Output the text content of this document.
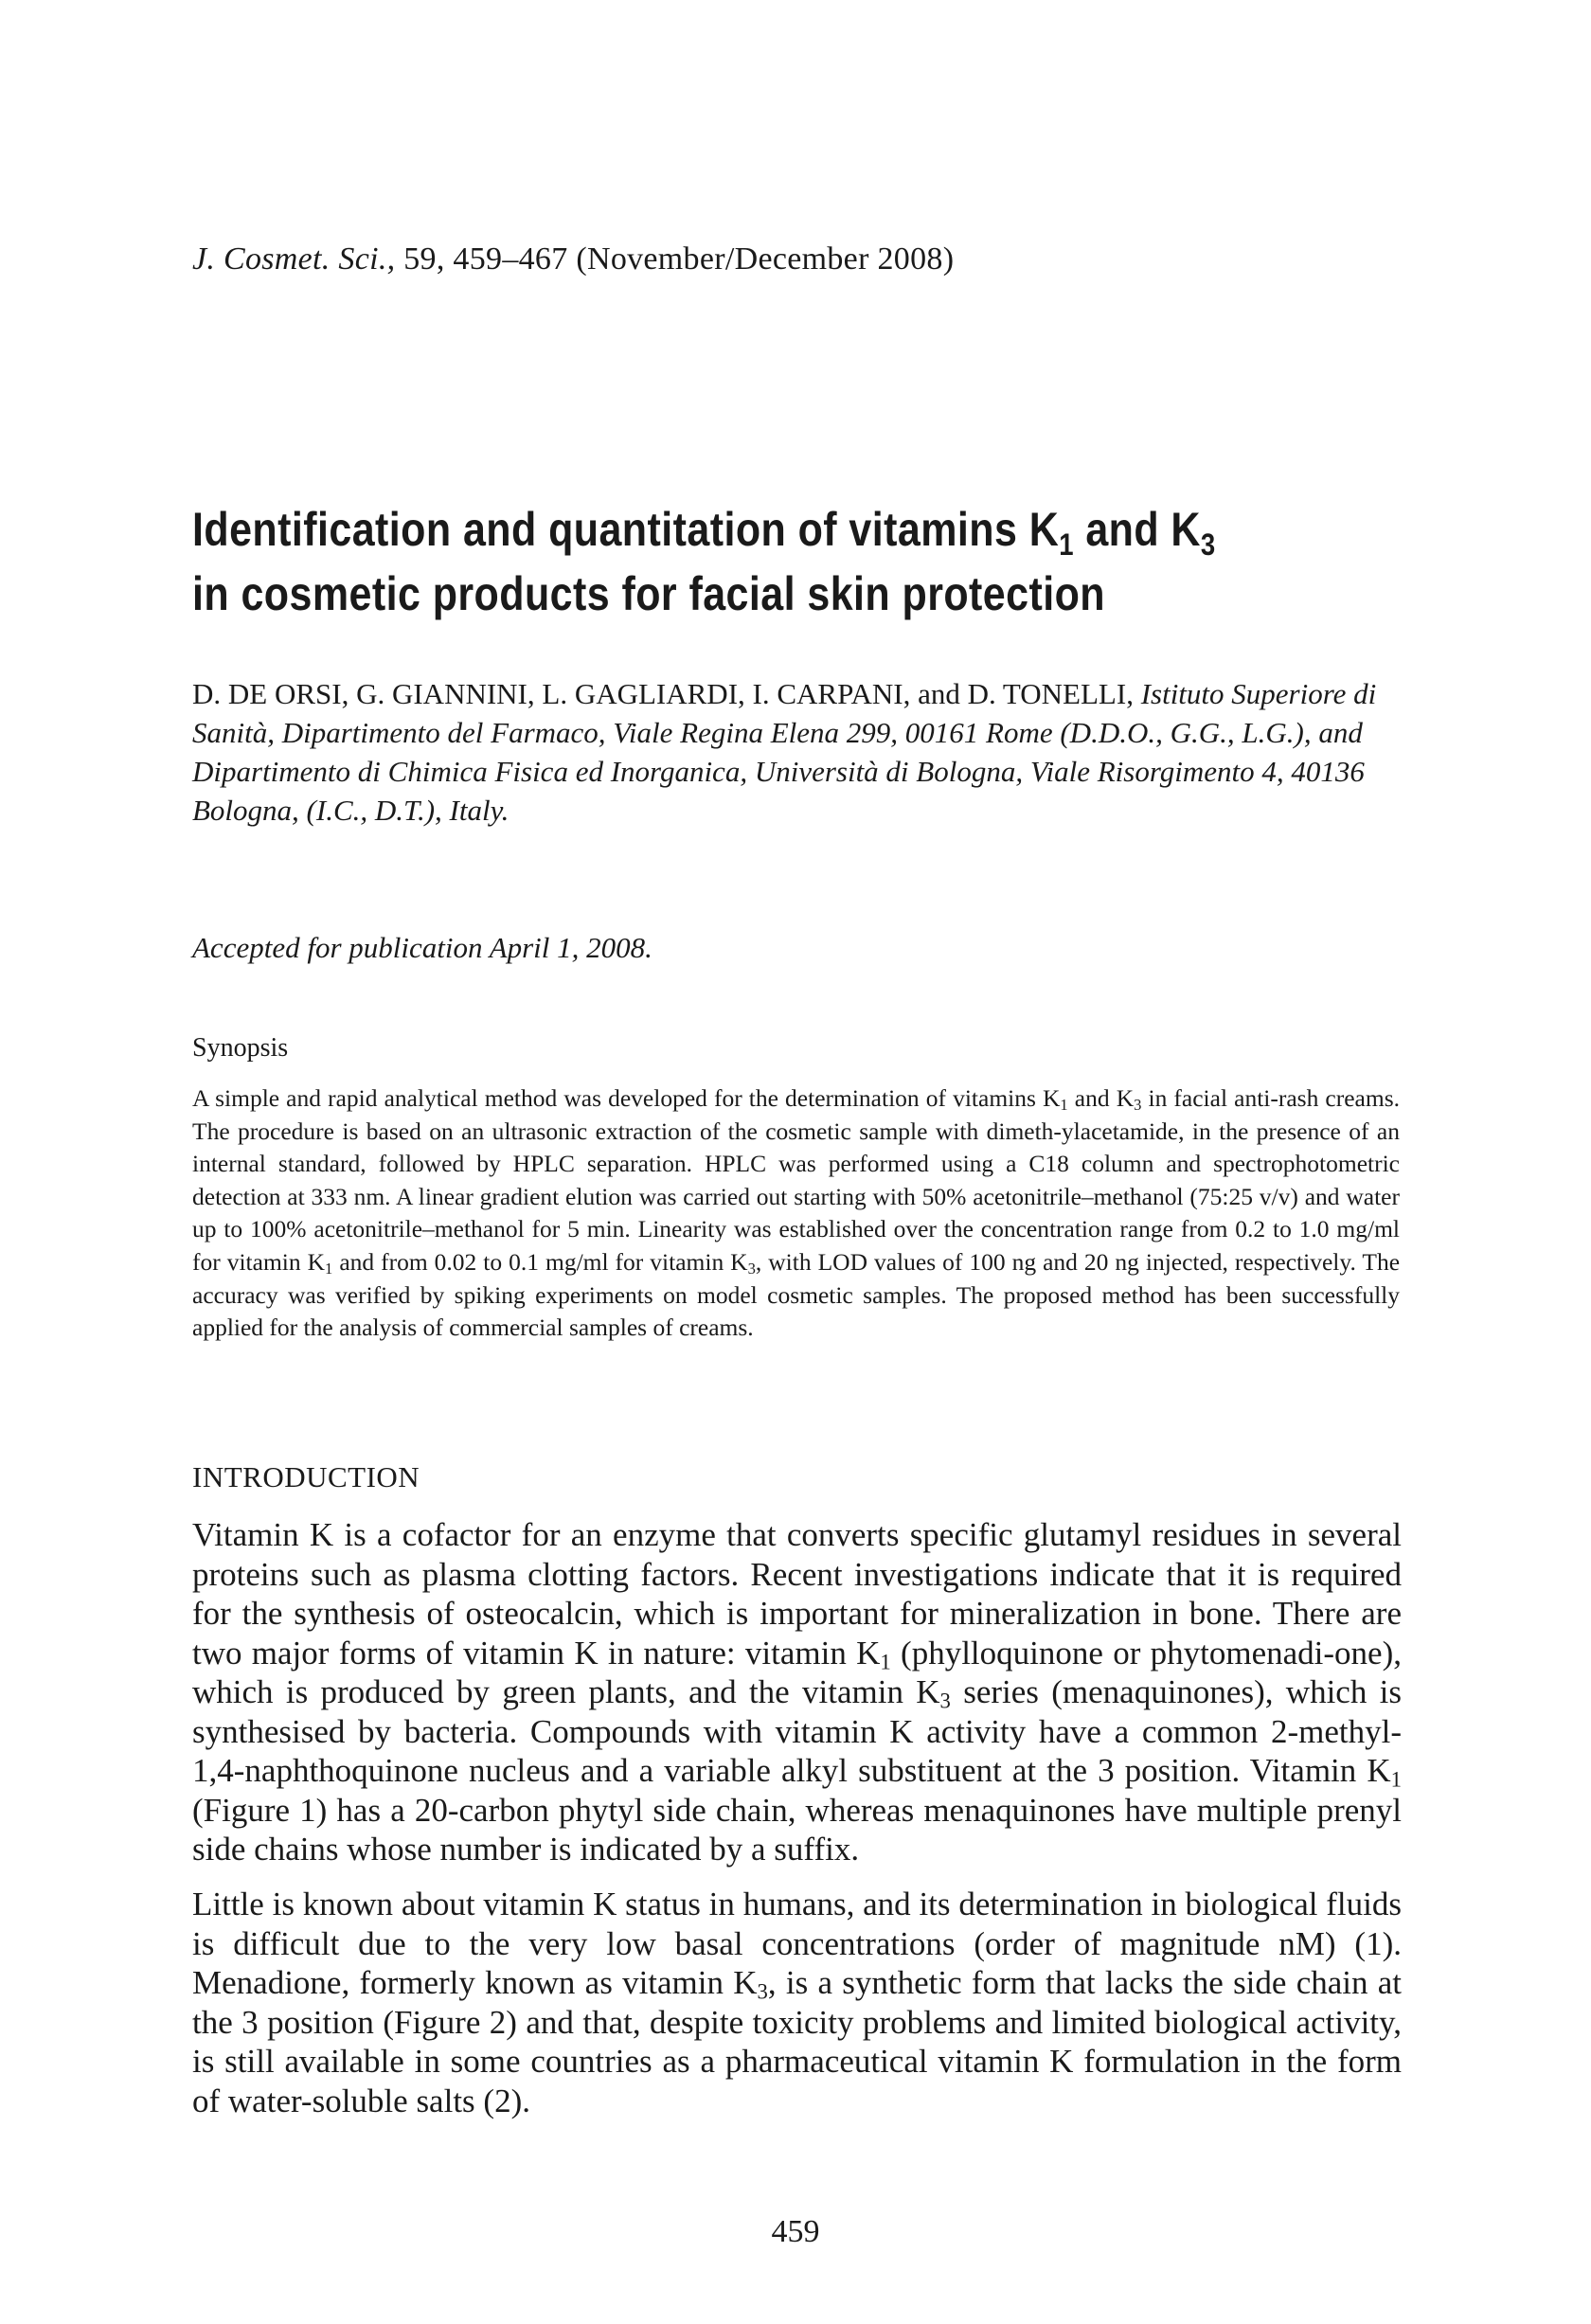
J. Cosmet. Sci., 59, 459–467 (November/December 2008)
Identification and quantitation of vitamins $K_1$ and $K_3$ in cosmetic products for facial skin protection
D. DE ORSI, G. GIANNINI, L. GAGLIARDI, I. CARPANI, and D. TONELLI, Istituto Superiore di Sanità, Dipartimento del Farmaco, Viale Regina Elena 299, 00161 Rome (D.D.O., G.G., L.G.), and Dipartimento di Chimica Fisica ed Inorganica, Università di Bologna, Viale Risorgimento 4, 40136 Bologna, (I.C., D.T.), Italy.
Accepted for publication April 1, 2008.
Synopsis
A simple and rapid analytical method was developed for the determination of vitamins $K_1$ and $K_3$ in facial anti-rash creams. The procedure is based on an ultrasonic extraction of the cosmetic sample with dimeth-ylacetamide, in the presence of an internal standard, followed by HPLC separation. HPLC was performed using a C18 column and spectrophotometric detection at 333 nm. A linear gradient elution was carried out starting with 50% acetonitrile–methanol (75:25 v/v) and water up to 100% acetonitrile–methanol for 5 min. Linearity was established over the concentration range from 0.2 to 1.0 mg/ml for vitamin $K_1$ and from 0.02 to 0.1 mg/ml for vitamin $K_3$, with LOD values of 100 ng and 20 ng injected, respectively. The accuracy was verified by spiking experiments on model cosmetic samples. The proposed method has been successfully applied for the analysis of commercial samples of creams.
INTRODUCTION

Vitamin K is a cofactor for an enzyme that converts specific glutamyl residues in several proteins such as plasma clotting factors. Recent investigations indicate that it is required for the synthesis of osteocalcin, which is important for mineralization in bone. There are two major forms of vitamin K in nature: vitamin $K_1$ (phylloquinone or phytomenadi-one), which is produced by green plants, and the vitamin $K_3$ series (menaquinones), which is synthesised by bacteria. Compounds with vitamin K activity have a common 2-methyl-1,4-naphthoquinone nucleus and a variable alkyl substituent at the 3 position. Vitamin $K_1$ (Figure 1) has a 20-carbon phytyl side chain, whereas menaquinones have multiple prenyl side chains whose number is indicated by a suffix.

Little is known about vitamin K status in humans, and its determination in biological fluids is difficult due to the very low basal concentrations (order of magnitude nM) (1). Menadione, formerly known as vitamin $K_3$, is a synthetic form that lacks the side chain at the 3 position (Figure 2) and that, despite toxicity problems and limited biological activity, is still available in some countries as a pharmaceutical vitamin K formulation in the form of water-soluble salts (2).

459
